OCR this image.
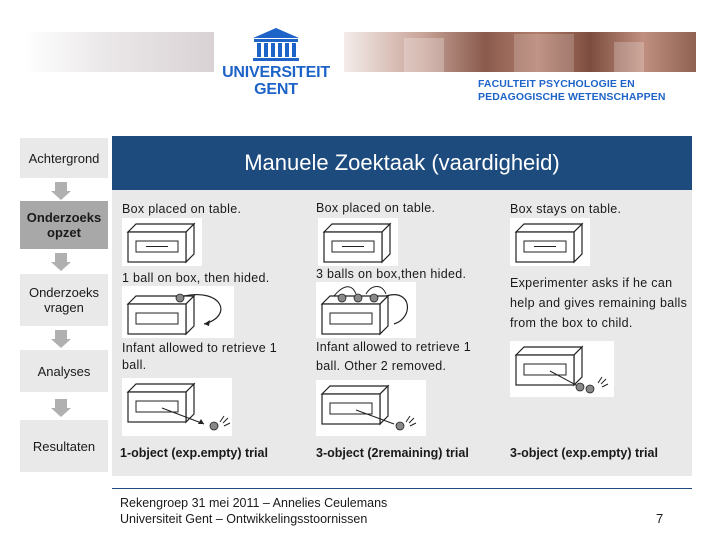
UNIVERSITEIT
GENT	FACULTEIT PSYCHOLOGIE EN
PEDAGOGISCHE WETENSCHAPPEN
Achtergrond
Onderzoeks opzet
Onderzoeks vragen
Analyses
Resultaten
Manuele Zoektaak (vaardigheid)
Box placed on table.
1 ball on box, then hided.
Infant allowed to retrieve 1 ball.
1-object (exp.empty) trial
Box placed on table.
3 balls on box,then hided.
Infant allowed to retrieve 1 ball. Other 2 removed.
3-object (2remaining) trial
Box stays on table.
Experimenter asks if he can help and gives remaining balls from the box to child.
3-object (exp.empty) trial
Rekengroep 31 mei 2011 – Annelies Ceulemans
Universiteit Gent – Ontwikkelingsstoornissen	7
